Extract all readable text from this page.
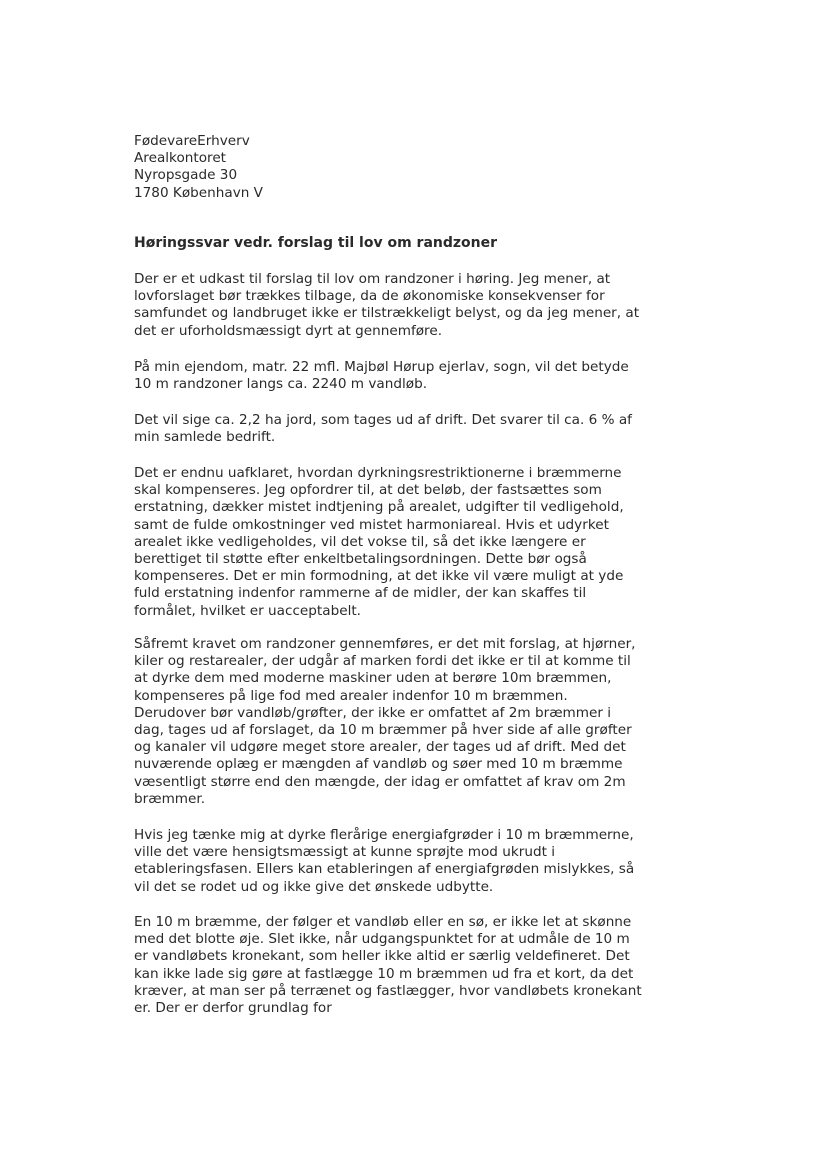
FødevareErhverv
Arealkontoret
Nyropsgade 30
1780 København V
Høringssvar vedr. forslag til lov om randzoner
Der er et udkast til forslag til lov om randzoner i høring. Jeg mener, at
lovforslaget bør trækkes tilbage, da de økonomiske konsekvenser for
samfundet og landbruget ikke er tilstrækkeligt belyst, og da jeg mener, at
det er uforholdsmæssigt dyrt at gennemføre.
På min ejendom, matr. 22 mfl. Majbøl Hørup ejerlav, sogn, vil det betyde
10 m randzoner langs ca. 2240 m vandløb.
Det vil sige ca. 2,2 ha jord, som tages ud af drift. Det svarer til ca. 6 % af
min samlede bedrift.
Det er endnu uafklaret, hvordan dyrkningsrestriktionerne i bræmmerne
skal kompenseres. Jeg opfordrer til, at det beløb, der fastsættes som
erstatning, dækker mistet indtjening på arealet, udgifter til vedligehold,
samt de fulde omkostninger ved mistet harmoniareal. Hvis et udyrket
arealet ikke vedligeholdes, vil det vokse til, så det ikke længere er
berettiget til støtte efter enkeltbetalingsordningen. Dette bør også
kompenseres. Det er min formodning, at det ikke vil være muligt at yde
fuld erstatning indenfor rammerne af de midler, der kan skaffes til
formålet, hvilket er uacceptabelt.
Såfremt kravet om randzoner gennemføres, er det mit forslag, at hjørner,
kiler og restarealer, der udgår af marken fordi det ikke er til at komme til
at dyrke dem med moderne maskiner uden at berøre 10m bræmmen,
kompenseres på lige fod med arealer indenfor 10 m bræmmen.
Derudover bør vandløb/grøfter, der ikke er omfattet af 2m bræmmer i
dag, tages ud af forslaget, da 10 m bræmmer på hver side af alle grøfter
og kanaler vil udgøre meget store arealer, der tages ud af drift. Med det
nuværende oplæg er mængden af vandløb og søer med 10 m bræmme
væsentligt større end den mængde, der idag er omfattet af krav om 2m
bræmmer.
Hvis jeg tænke mig at dyrke flerårige energiafgrøder i 10 m bræmmerne,
ville det være hensigtsmæssigt at kunne sprøjte mod ukrudt i
etableringsfasen. Ellers kan etableringen af energiafgrøden mislykkes, så
vil det se rodet ud og ikke give det ønskede udbytte.
En 10 m bræmme, der følger et vandløb eller en sø, er ikke let at skønne
med det blotte øje. Slet ikke, når udgangspunktet for at udmåle de 10 m
er vandløbets kronekant, som heller ikke altid er særlig veldefineret. Det
kan ikke lade sig gøre at fastlægge 10 m bræmmen ud fra et kort, da det
kræver, at man ser på terrænet og fastlægger, hvor vandløbets kronekant
er. Der er derfor grundlag for
